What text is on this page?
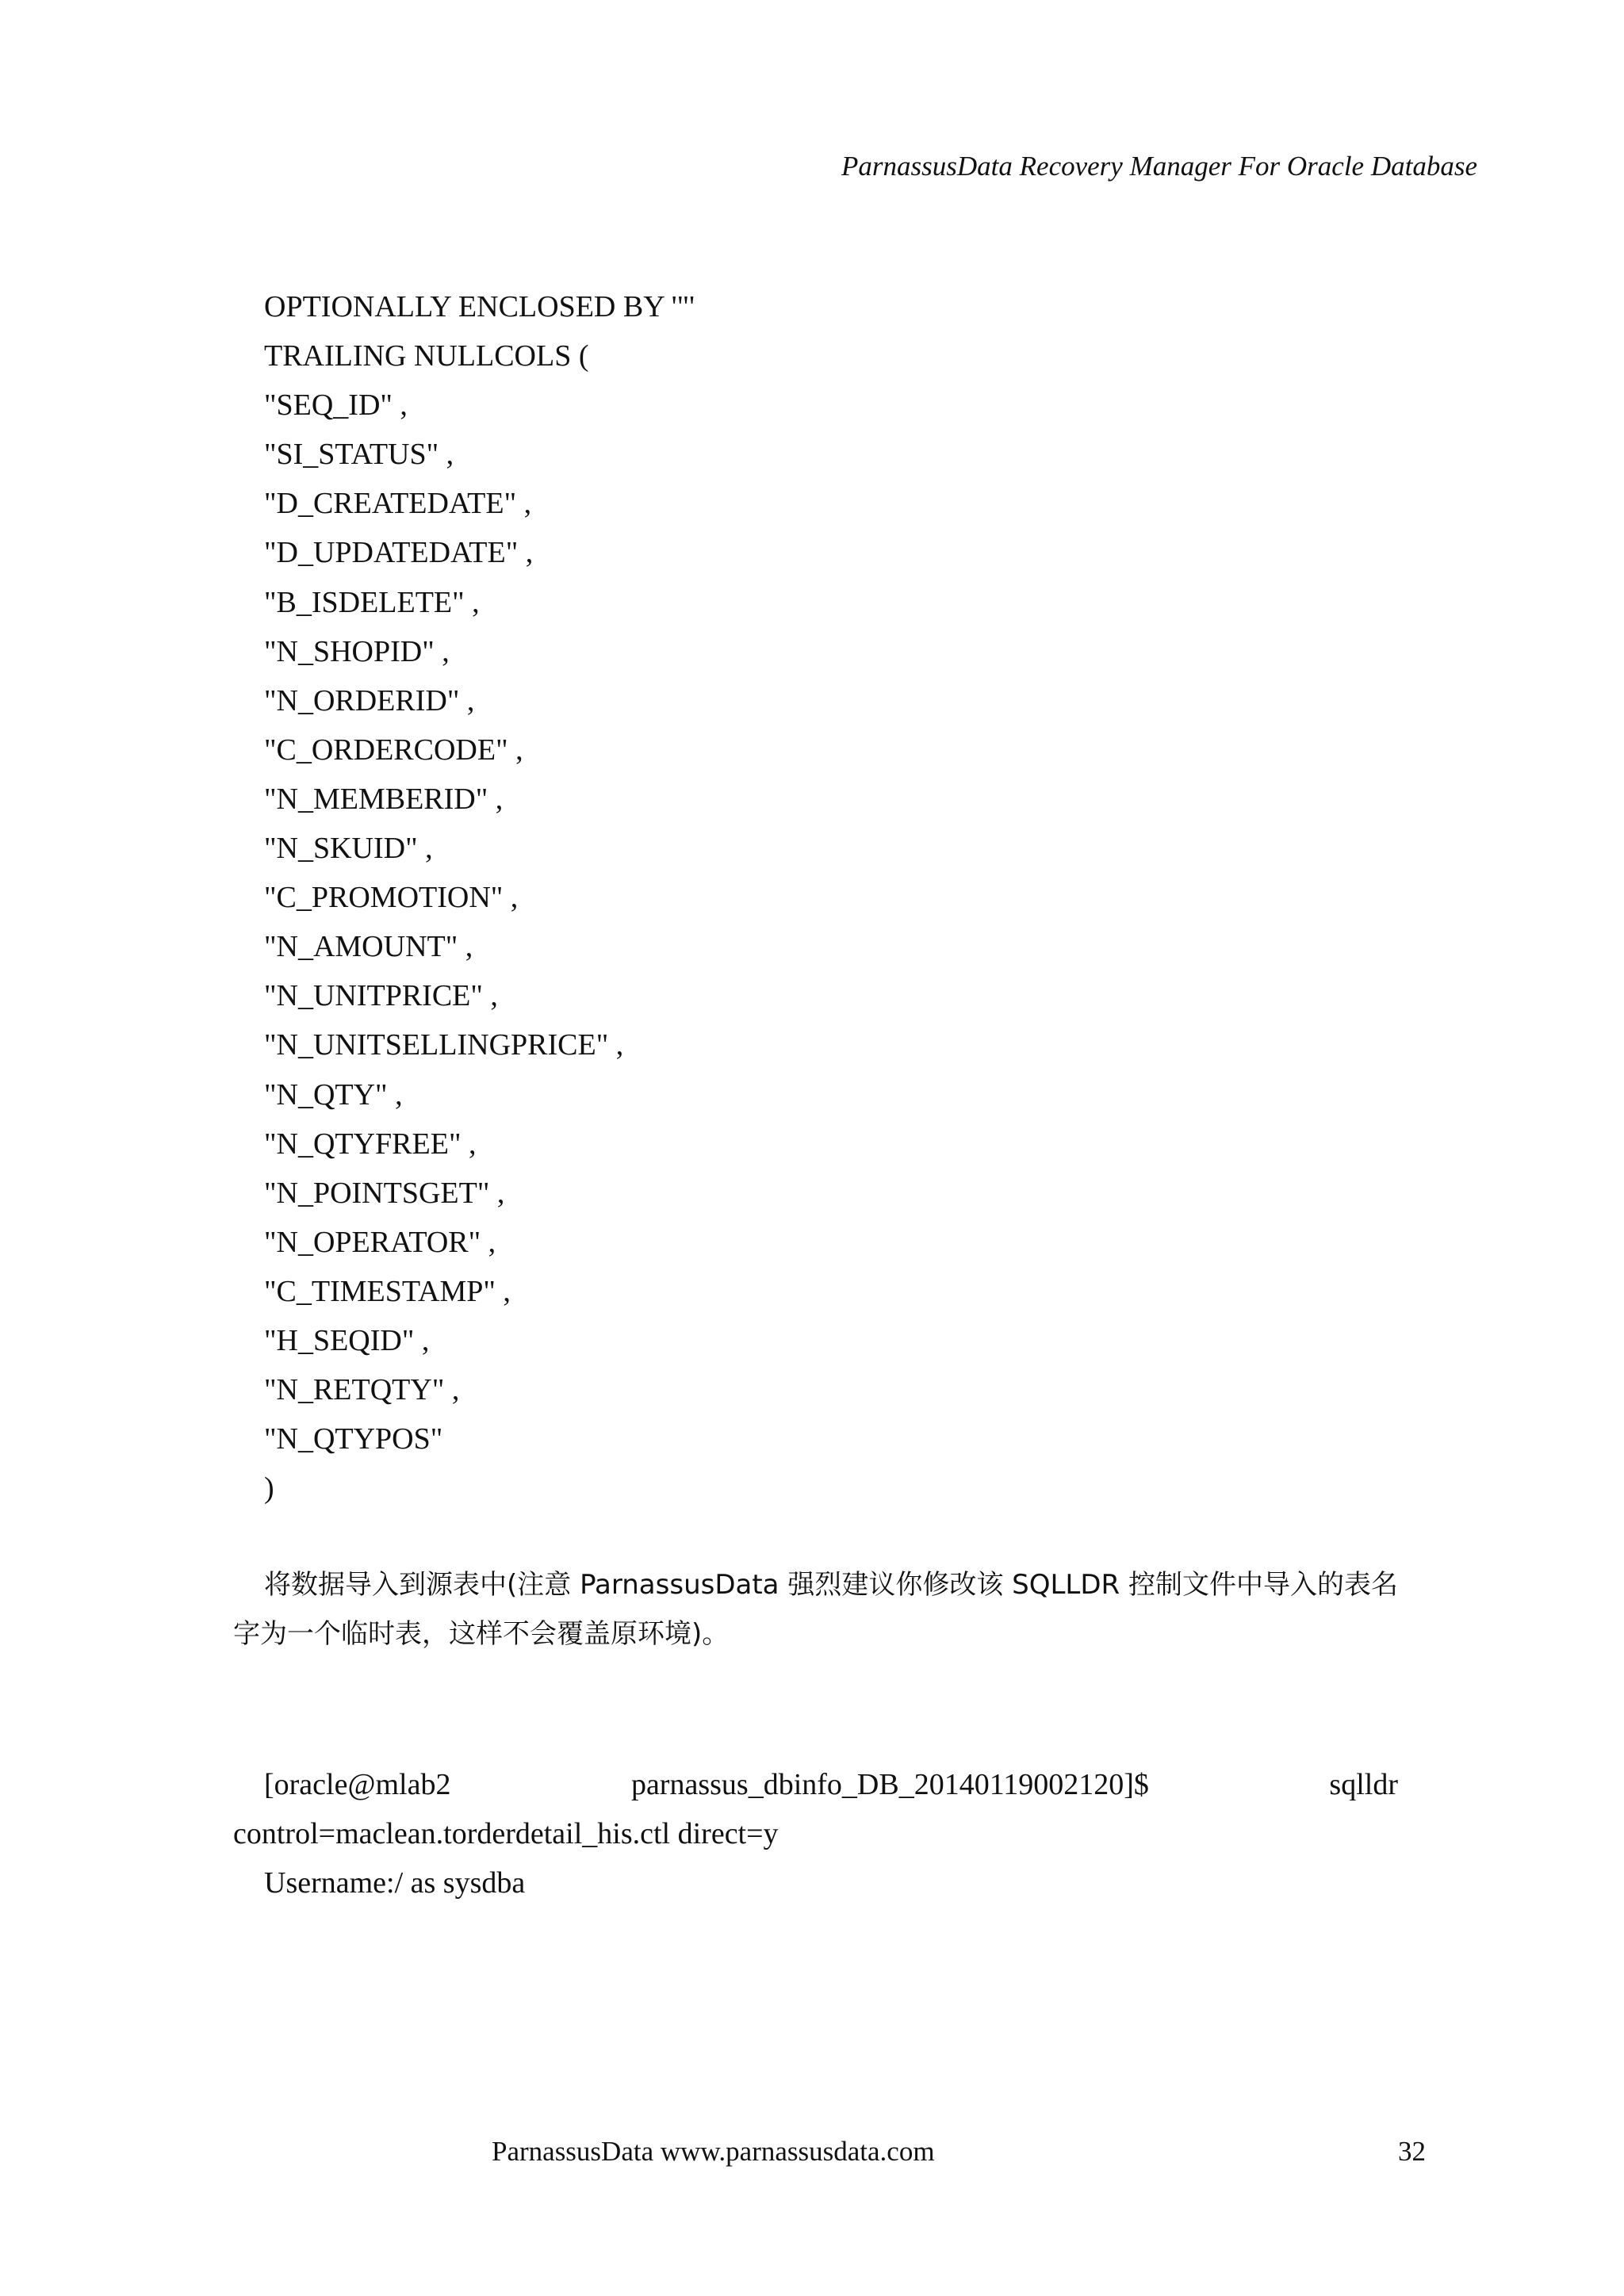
ParnassusData Recovery Manager For Oracle Database
OPTIONALLY ENCLOSED BY '"'
TRAILING NULLCOLS (
"SEQ_ID" ,
"SI_STATUS" ,
"D_CREATEDATE" ,
"D_UPDATEDATE" ,
"B_ISDELETE" ,
"N_SHOPID" ,
"N_ORDERID" ,
"C_ORDERCODE" ,
"N_MEMBERID" ,
"N_SKUID" ,
"C_PROMOTION" ,
"N_AMOUNT" ,
"N_UNITPRICE" ,
"N_UNITSELLINGPRICE" ,
"N_QTY" ,
"N_QTYFREE" ,
"N_POINTSGET" ,
"N_OPERATOR" ,
"C_TIMESTAMP" ,
"H_SEQID" ,
"N_RETQTY" ,
"N_QTYPOS"
)
将数据导入到源表中(注意 ParnassusData 强烈建议你修改该 SQLLDR 控制文件中导入的表名字为一个临时表，这样不会覆盖原环境)。
[oracle@mlab2	parnassus_dbinfo_DB_20140119002120]$	sqlldr
control=maclean.torderdetail_his.ctl direct=y
Username:/ as sysdba
ParnassusData www.parnassusdata.com	32
